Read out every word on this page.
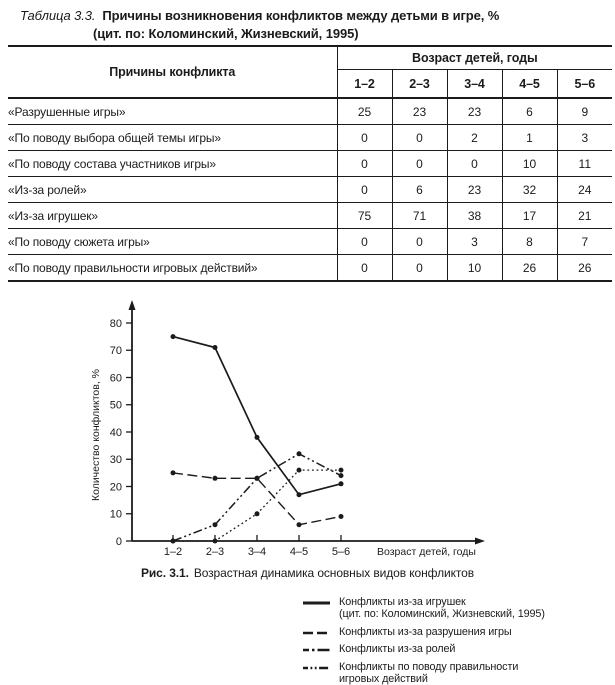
Таблица 3.3. Причины возникновения конфликтов между детьми в игре, %
(цит. по: Коломинский, Жизневский, 1995)
Причины конфликта	Возраст детей, годы				
	1–2	2–3	3–4	4–5	5–6
«Разрушенные игры»	25	23	23	6	9
«По поводу выбора общей темы игры»	0	0	2	1	3
«По поводу состава участников игры»	0	0	0	10	11
«Из-за ролей»	0	6	23	32	24
«Из-за игрушек»	75	71	38	17	21
«По поводу сюжета игры»	0	0	3	8	7
«По поводу правильности игровых действий»	0	0	10	26	26
0
10
20
30
40
50
60
70
80
1–2 2–3 3–4 4–5 5–6	Возраст детей, годы
Количество конфликтов, %
Конфликты из-за игрушек
(цит. по: Коломинский, Жизневский, 1995)
Конфликты из-за разрушения игры
Конфликты из-за ролей
Конфликты по поводу правильности
игровых действий
Рис. 3.1. Возрастная динамика основных видов конфликтов
